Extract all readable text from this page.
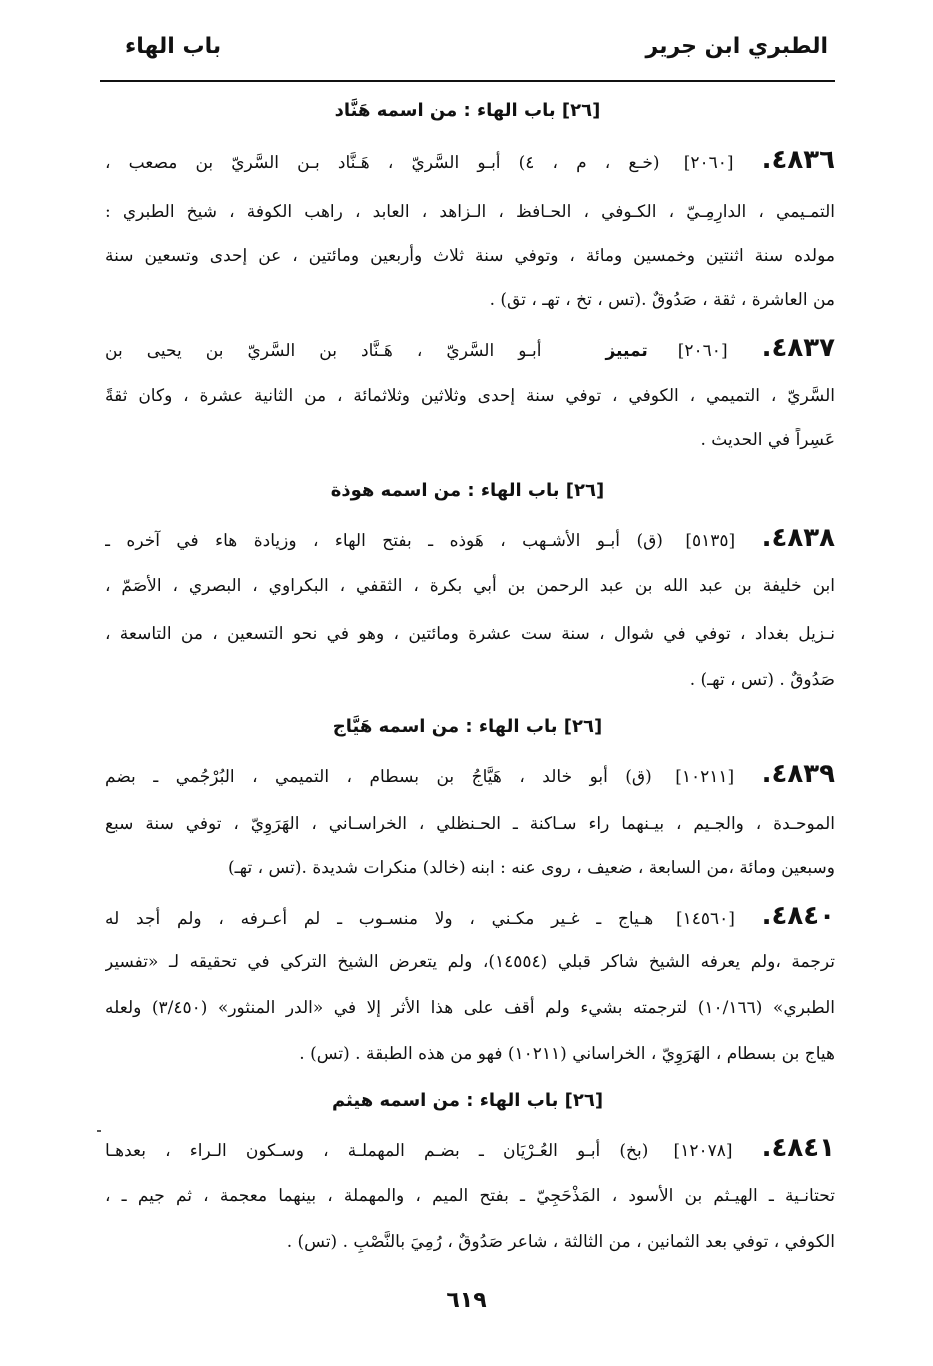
الطبري ابن جرير
باب الهاء
[٢٦] باب الهاء : من اسمه هَنَّاد
٤٨٣٦. [٢٠٦٠] (خـع ، م ، ٤) أبـو السَّريّ ، هَـنَّاد بـن السَّريّ بن مصعب ،
التمـيمي ، الدارِمِـيّ ، الكـوفي ، الحـافظ ، الـزاهد ، العابد ، راهب الكوفة ، شيخ الطبري :
مولده سنة اثنتين وخمسين ومائة ، وتوفي سنة ثلاث وأربعين ومائتين ، عن إحدى وتسعين سنة
من العاشرة ، ثقة ، صَدُوقٌ .(تس ، تخ ، تهـ ، تق) .
٤٨٣٧. [٢٠٦٠] تمييز أبـو السَّريّ ، هَـنَّاد بن السَّريّ بن يحيى بن
السَّريّ ، التميمي ، الكوفي ، توفي سنة إحدى وثلاثين وثلاثمائة ، من الثانية عشرة ، وكان ثقةً
عَسِراً في الحديث .
[٢٦] باب الهاء : من اسمه هوذة
٤٨٣٨. [٥١٣٥] (ق) أبـو الأشـهب ، هَوذه ـ بفتح الهاء ، وزيادة هاء في آخره ـ
ابن خليفة بن عبد الله بن عبد الرحمن بن أبي بكرة ، الثقفي ، البكراوي ، البصري ، الأَصَمّ ،
نـزيل بغداد ، توفي في شوال ، سنة ست عشرة ومائتين ، وهو في نحو التسعين ، من التاسعة ،
صَدُوقٌ . (تس ، تهـ) .
[٢٦] باب الهاء : من اسمه هَيَّاج
٤٨٣٩. [١٠٢١١] (ق) أبو خالد ، هَيَّاجُ بن بسطام ، التميمي ، البُرْجُمي ـ بضم
الموحـدة ، والجـيم ، بيـنهما راء سـاكنة ـ الحـنظلي ، الخراسـاني ، الهَرَوِيّ ، توفي سنة سبع
وسبعين ومائة ،من السابعة ، ضعيف ، روى عنه : ابنه (خالد) منكرات شديدة .(تس ، تهـ)
٤٨٤٠. [١٤٥٦٠] هـياج ـ غـير مكـني ، ولا منسـوب ـ لم أعـرفه ، ولم أجد له
ترجمة ،ولم يعرفه الشيخ شاكر قبلي (١٤٥٥٤)، ولم يتعرض الشيخ التركي في تحقيقه لـ «تفسير
الطبري» (١٠/١٦٦) لترجمته بشيء ولم أقف على هذا الأثر إلا في «الدر المنثور» (٣/٤٥٠) ولعله
هياج بن بسطام ، الهَرَوِيّ ، الخراساني (١٠٢١١) فهو من هذه الطبقة . (تس) .
[٢٦] باب الهاء : من اسمه هيثم
٤٨٤١. [١٢٠٧٨] (بخ) أبـو العُـرْيَان ـ بضـم المهملـة ، وسـكون الـراء ، بعدهـا
تحتانـية ـ الهيـثم بن الأسود ، المَذْحَجِيّ ـ بفتح الميم ، والمهملة ، بينهما معجمة ، ثم جيم ـ ،
الكوفي ، توفي بعد الثمانين ، من الثالثة ، شاعر صَدُوقٌ ، رُمِيَ بالنَّصْبِ . (تس) .
٦١٩
